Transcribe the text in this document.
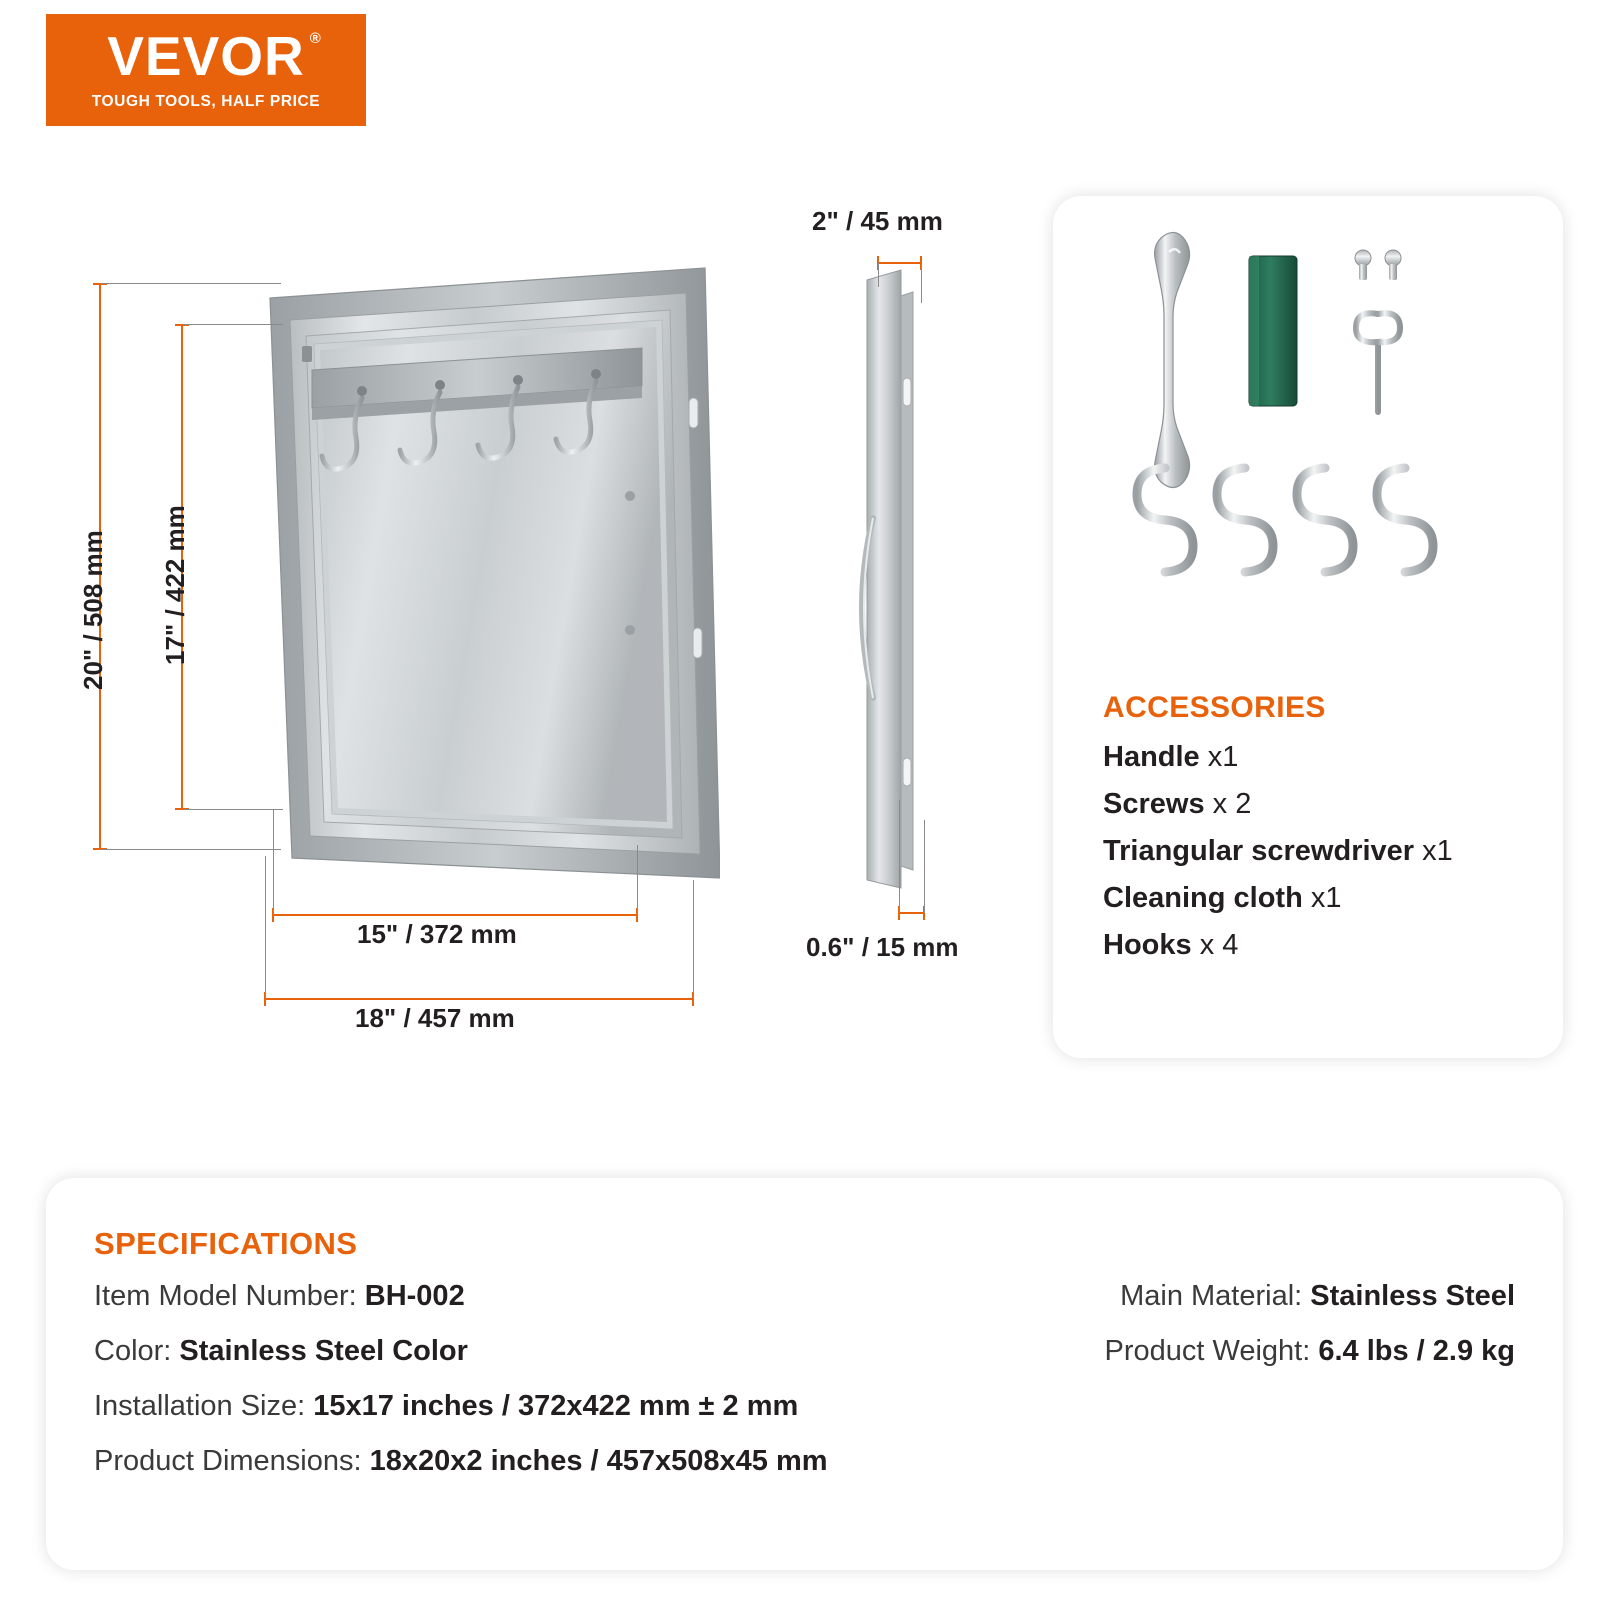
VEVOR ®
TOUGH TOOLS, HALF PRICE
20" / 508 mm 17" / 422 mm
15" / 372 mm
18" / 457 mm
2" / 45 mm
0.6" / 15 mm
ACCESSORIES
Handle x1
Screws x 2
Triangular screwdriver x1
Cleaning cloth x1
Hooks x 4
SPECIFICATIONS
Item Model Number: BH-002
Color: Stainless Steel Color
Installation Size: 15x17 inches / 372x422 mm ± 2 mm
Product Dimensions: 18x20x2 inches / 457x508x45 mm
Main Material: Stainless Steel
Product Weight: 6.4 lbs / 2.9 kg
